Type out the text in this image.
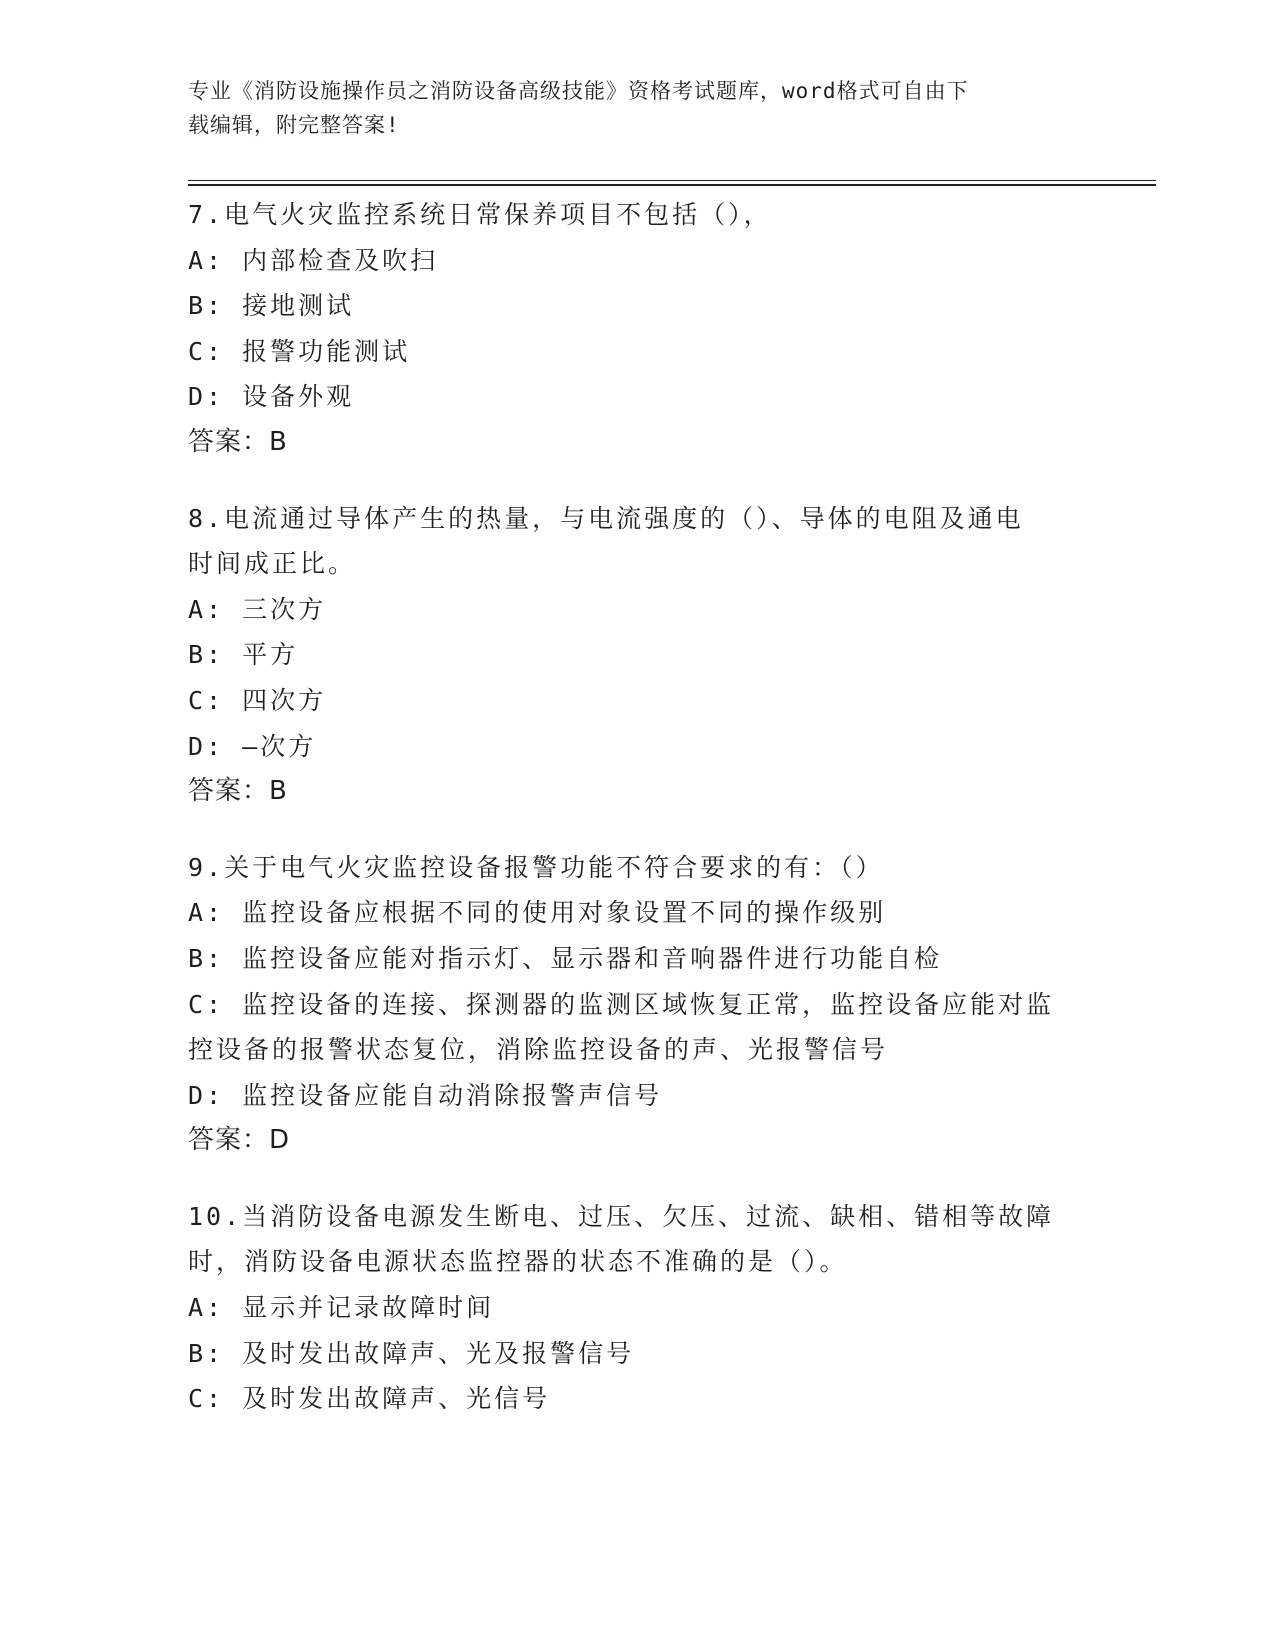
专业《消防设施操作员之消防设备高级技能》资格考试题库，word格式可自由下
载编辑，附完整答案!
7.电气火灾监控系统日常保养项目不包括（），
A: 内部检查及吹扫
B: 接地测试
C: 报警功能测试
D: 设备外观
答案：B
8.电流通过导体产生的热量，与电流强度的（）、导体的电阻及通电
时间成正比。
A: 三次方
B: 平方
C: 四次方
D: —次方
答案：B
9.关于电气火灾监控设备报警功能不符合要求的有：（）
A: 监控设备应根据不同的使用对象设置不同的操作级别
B: 监控设备应能对指示灯、显示器和音响器件进行功能自检
C: 监控设备的连接、探测器的监测区域恢复正常，监控设备应能对监
控设备的报警状态复位，消除监控设备的声、光报警信号
D: 监控设备应能自动消除报警声信号
答案：D
10.当消防设备电源发生断电、过压、欠压、过流、缺相、错相等故障
时，消防设备电源状态监控器的状态不准确的是（）。
A: 显示并记录故障时间
B: 及时发出故障声、光及报警信号
C: 及时发出故障声、光信号
